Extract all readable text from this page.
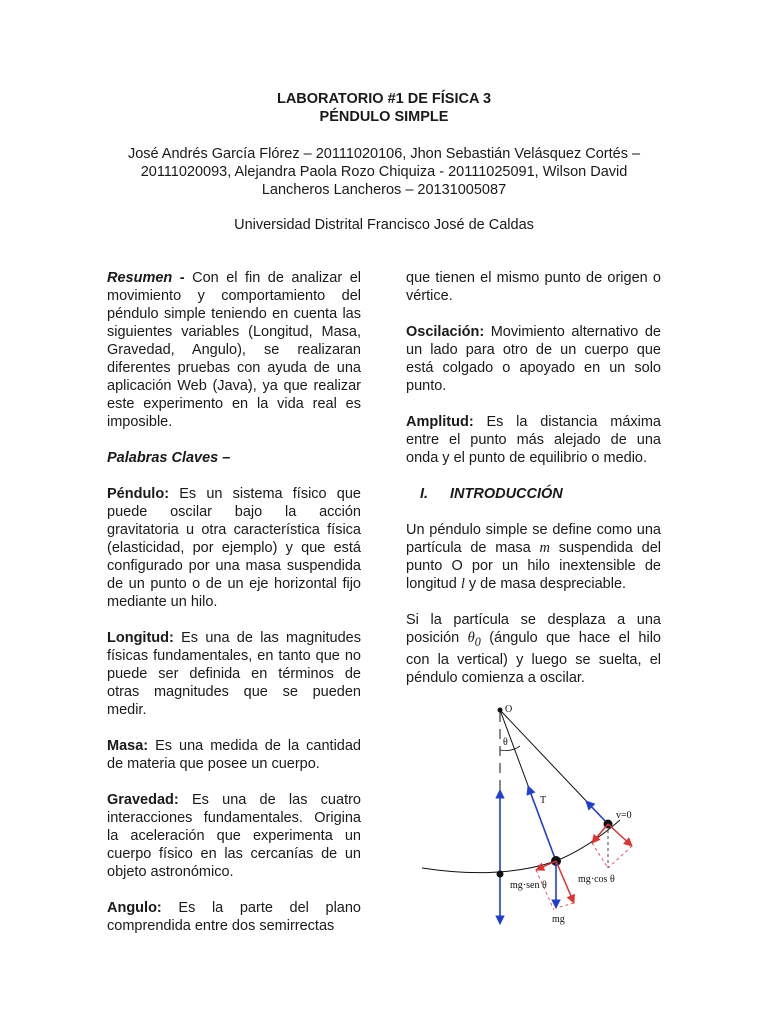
LABORATORIO #1 DE FÍSICA 3
PÉNDULO SIMPLE
José Andrés García Flórez – 20111020106, Jhon Sebastián Velásquez Cortés – 20111020093, Alejandra Paola Rozo Chiquiza - 20111025091, Wilson David Lancheros Lancheros – 20131005087
Universidad Distrital Francisco José de Caldas

Resumen - Con el fin de analizar el movimiento y comportamiento del péndulo simple teniendo en cuenta las siguientes variables (Longitud, Masa, Gravedad, Angulo), se realizaran diferentes pruebas con ayuda de una aplicación Web (Java), ya que realizar este experimento en la vida real es imposible.

Palabras Claves –

Péndulo: Es un sistema físico que puede oscilar bajo la acción gravitatoria u otra característica física (elasticidad, por ejemplo) y que está configurado por una masa suspendida de un punto o de un eje horizontal fijo mediante un hilo.

Longitud: Es una de las magnitudes físicas fundamentales, en tanto que no puede ser definida en términos de otras magnitudes que se pueden medir.

Masa: Es una medida de la cantidad de materia que posee un cuerpo.

Gravedad: Es una de las cuatro interacciones fundamentales. Origina la aceleración que experimenta un cuerpo físico en las cercanías de un objeto astronómico.

Angulo: Es la parte del plano comprendida entre dos semirrectas

que tienen el mismo punto de origen o vértice.

Oscilación: Movimiento alternativo de un lado para otro de un cuerpo que está colgado o apoyado en un solo punto.

Amplitud: Es la distancia máxima entre el punto más alejado de una onda y el punto de equilibrio o medio.

I. INTRODUCCIÓN

Un péndulo simple se define como una partícula de masa m suspendida del punto O por un hilo inextensible de longitud l y de masa despreciable.

Si la partícula se desplaza a una posición $\theta_0$ (ángulo que hace el hilo con la vertical) y luego se suelta, el péndulo comienza a oscilar.

O
θ
T
mg
v=0
mg·sen θ
mg·cos θ
